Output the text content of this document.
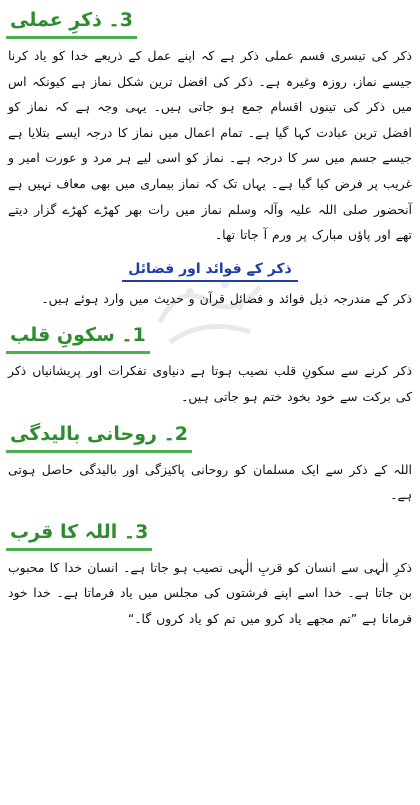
3۔ ذکرِ عملی

ذکر کی تیسری قسم عملی ذکر ہے کہ اپنے عمل کے ذریعے خدا کو یاد کرنا جیسے نماز، روزہ وغیرہ ہے۔ ذکر کی افضل ترین شکل نماز ہے کیونکہ اس میں ذکر کی تینوں اقسام جمع ہو جاتی ہیں۔ یہی وجہ ہے کہ نماز کو افضل ترین عبادت کہا گیا ہے۔ تمام اعمال میں نماز کا درجہ ایسے بتلایا ہے جیسے جسم میں سر کا درجہ ہے۔ نماز کو اسی لیے ہر مرد و عورت امیر و غریب پر فرض کیا گیا ہے۔ یہاں تک کہ نماز بیماری میں بھی معاف نہیں ہے آنحضور صلی اللہ علیہ وآلہ وسلم نماز میں رات بھر کھڑے کھڑے گزار دیتے تھے اور پاؤں مبارک پر ورم آ جاتا تھا۔

ذکر کے فوائد اور فضائل

ذکر کے مندرجہ ذیل فوائد و فضائل قرآن و حدیث میں وارد ہوئے ہیں۔

1۔ سکونِ قلب

ذکر کرنے سے سکونِ قلب نصیب ہوتا ہے دنیاوی تفکرات اور پریشانیاں ذکر کی برکت سے خود بخود ختم ہو جاتی ہیں۔

2۔ روحانی بالیدگی

اللہ کے ذکر سے ایک مسلمان کو روحانی پاکیزگی اور بالیدگی حاصل ہوتی ہے۔

3۔ اللہ کا قرب

ذکرِ الٰہی سے انسان کو قربِ الٰہی نصیب ہو جاتا ہے۔ انسان خدا کا محبوب بن جاتا ہے۔ خدا اسے اپنے فرشتوں کی مجلس میں یاد فرماتا ہے۔ خدا خود فرماتا ہے ”تم مجھے یاد کرو میں تم کو یاد کروں گا۔“
